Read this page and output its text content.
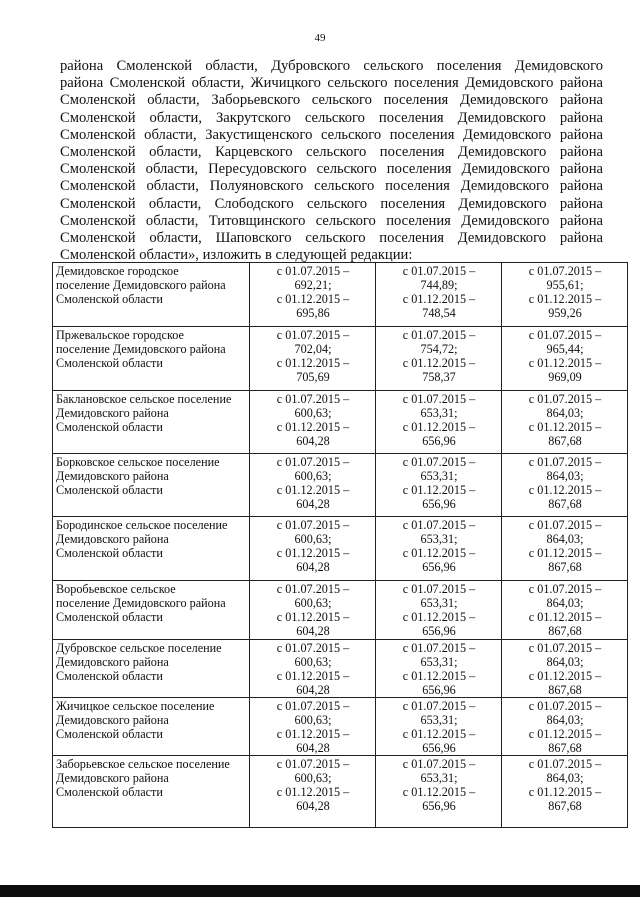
49
района Смоленской области, Дубровского сельского поселения Демидовского
района Смоленской области, Жичицкого сельского поселения Демидовского района
Смоленской области, Заборьевского сельского поселения Демидовского района
Смоленской области, Закрутского сельского поселения Демидовского района
Смоленской области, Закустищенского сельского поселения Демидовского района
Смоленской области, Карцевского сельского поселения Демидовского района
Смоленской области, Пересудовского сельского поселения Демидовского района
Смоленской области, Полуяновского сельского поселения Демидовского района
Смоленской области, Слободского сельского поселения Демидовского района
Смоленской области, Титовщинского сельского поселения Демидовского района
Смоленской области, Шаповского сельского поселения Демидовского района
Смоленской области», изложить в следующей редакции:
Демидовское городское
поселение Демидовского района
Смоленской области	с 01.07.2015 –
692,21;
с 01.12.2015 –
695,86	с 01.07.2015 –
744,89;
с 01.12.2015 –
748,54	с 01.07.2015 –
955,61;
с 01.12.2015 –
959,26

Пржевальское городское
поселение Демидовского района
Смоленской области	с 01.07.2015 –
702,04;
с 01.12.2015 –
705,69	с 01.07.2015 –
754,72;
с 01.12.2015 –
758,37	с 01.07.2015 –
965,44;
с 01.12.2015 –
969,09

Баклановское сельское поселение
Демидовского района
Смоленской области	с 01.07.2015 –
600,63;
с 01.12.2015 –
604,28	с 01.07.2015 –
653,31;
с 01.12.2015 –
656,96	с 01.07.2015 –
864,03;
с 01.12.2015 –
867,68

Борковское сельское поселение
Демидовского района
Смоленской области	с 01.07.2015 –
600,63;
с 01.12.2015 –
604,28	с 01.07.2015 –
653,31;
с 01.12.2015 –
656,96	с 01.07.2015 –
864,03;
с 01.12.2015 –
867,68

Бородинское сельское поселение
Демидовского района
Смоленской области	с 01.07.2015 –
600,63;
с 01.12.2015 –
604,28	с 01.07.2015 –
653,31;
с 01.12.2015 –
656,96	с 01.07.2015 –
864,03;
с 01.12.2015 –
867,68

Воробьевское сельское
поселение Демидовского района
Смоленской области	с 01.07.2015 –
600,63;
с 01.12.2015 –
604,28	с 01.07.2015 –
653,31;
с 01.12.2015 –
656,96	с 01.07.2015 –
864,03;
с 01.12.2015 –
867,68

Дубровское сельское поселение
Демидовского района
Смоленской области	с 01.07.2015 –
600,63;
с 01.12.2015 –
604,28	с 01.07.2015 –
653,31;
с 01.12.2015 –
656,96	с 01.07.2015 –
864,03;
с 01.12.2015 –
867,68

Жичицкое сельское поселение
Демидовского района
Смоленской области	с 01.07.2015 –
600,63;
с 01.12.2015 –
604,28	с 01.07.2015 –
653,31;
с 01.12.2015 –
656,96	с 01.07.2015 –
864,03;
с 01.12.2015 –
867,68

Заборьевское сельское поселение
Демидовского района
Смоленской области	с 01.07.2015 –
600,63;
с 01.12.2015 –
604,28	с 01.07.2015 –
653,31;
с 01.12.2015 –
656,96	с 01.07.2015 –
864,03;
с 01.12.2015 –
867,68
